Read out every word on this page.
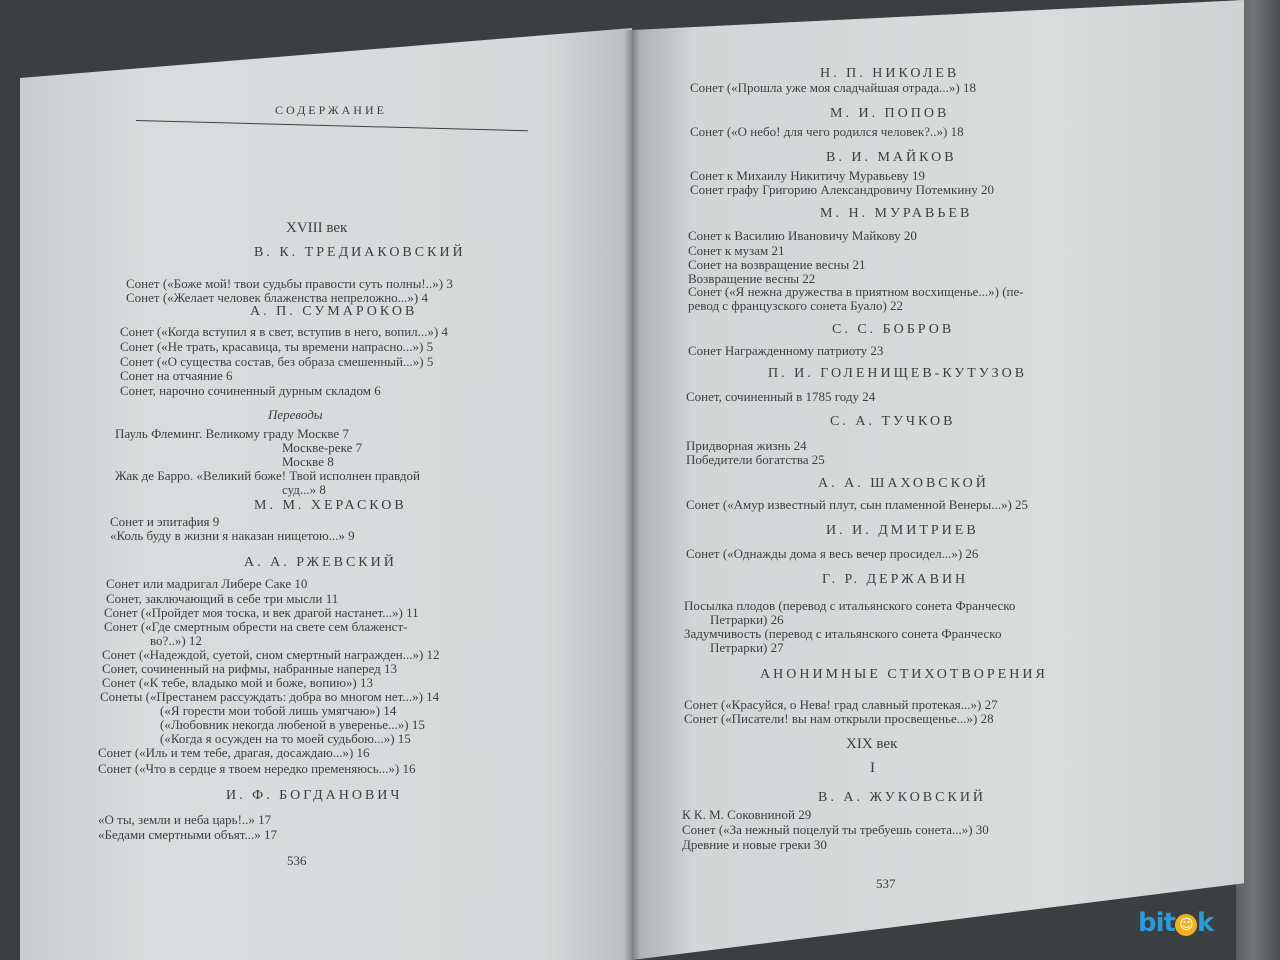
СОДЕРЖАНИЕ
XVIII век
В. К. ТРЕДИАКОВСКИЙ
Сонет («Боже мой! твои судьбы правости суть полны!..») 3
Сонет («Желает человек блаженства непреложно...») 4
А. П. СУМАРОКОВ
Сонет («Когда вступил я в свет, вступив в него, вопил...») 4
Сонет («Не трать, красавица, ты времени напрасно...») 5
Сонет («О существа состав, без образа смешенный...») 5
Сонет на отчаяние 6
Сонет, нарочно сочиненный дурным складом 6
Переводы
Пауль Флеминг. Великому граду Москве 7
Москве-реке 7
Москве 8
Жак де Барро. «Великий боже! Твой исполнен правдой
суд...» 8
М. М. ХЕРАСКОВ
Сонет и эпитафия 9
«Коль буду в жизни я наказан нищетою...» 9
А. А. РЖЕВСКИЙ
Сонет или мадригал Либере Саке 10
Сонет, заключающий в себе три мысли 11
Сонет («Пройдет моя тоска, и век драгой настанет...») 11
Сонет («Где смертным обрести на свете сем блаженст-
во?..») 12
Сонет («Надеждой, суетой, сном смертный награжден...») 12
Сонет, сочиненный на рифмы, набранные наперед 13
Сонет («К тебе, владыко мой и боже, вопию») 13
Сонеты («Престанем рассуждать: добра во многом нет...») 14
(«Я горести мои тобой лишь умягчаю») 14
(«Любовник некогда любеной в увереньe...») 15
(«Когда я осужден на то моей судьбою...») 15
Сонет («Иль и тем тебе, драгая, досаждаю...») 16
Сонет («Что в сердце я твоем нередко пременяюсь...») 16
И. Ф. БОГДАНОВИЧ
«О ты, земли и неба царь!..» 17
«Бедами смертными объят...» 17
536
XIX век
I
Н. П. НИКОЛЕВ
Сонет («Прошла уже моя сладчайшая отрада...») 18
М. И. ПОПОВ
Сонет («О небо! для чего родился человек?..») 18
В. И. МАЙКОВ
Сонет к Михаилу Никитичу Муравьеву 19
Сонет графу Григорию Александровичу Потемкину 20
М. Н. МУРАВЬЕВ
Сонет к Василию Ивановичу Майкову 20
Сонет к музам 21
Сонет на возвращение весны 21
Возвращение весны 22
Сонет («Я нежна дружества в приятном восхищенье...») (пе-
ревод с французского сонета Буало) 22
С. С. БОБРОВ
Сонет Награжденному патриоту 23
П. И. ГОЛЕНИЩЕВ-КУТУЗОВ
Сонет, сочиненный в 1785 году 24
С. А. ТУЧКОВ
Придворная жизнь 24
Победители богатства 25
А. А. ШАХОВСКОЙ
Сонет («Амур известный плут, сын пламенной Венеры...») 25
И. И. ДМИТРИЕВ
Сонет («Однажды дома я весь вечер просидел...») 26
Г. Р. ДЕРЖАВИН
Посылка плодов (перевод с итальянского сонета Франческо
Петрарки) 26
Задумчивость (перевод с итальянского сонета Франческо
Петрарки) 27
АНОНИМНЫЕ СТИХОТВОРЕНИЯ
Сонет («Красуйся, о Нева! град славный протекая...») 27
Сонет («Писатели! вы нам открыли просвещенье...») 28
В. А. ЖУКОВСКИЙ
К К. М. Соковниной 29
Сонет («За нежный поцелуй ты требуешь сонета...») 30
Древние и новые греки 30
537
bit ☺ k
